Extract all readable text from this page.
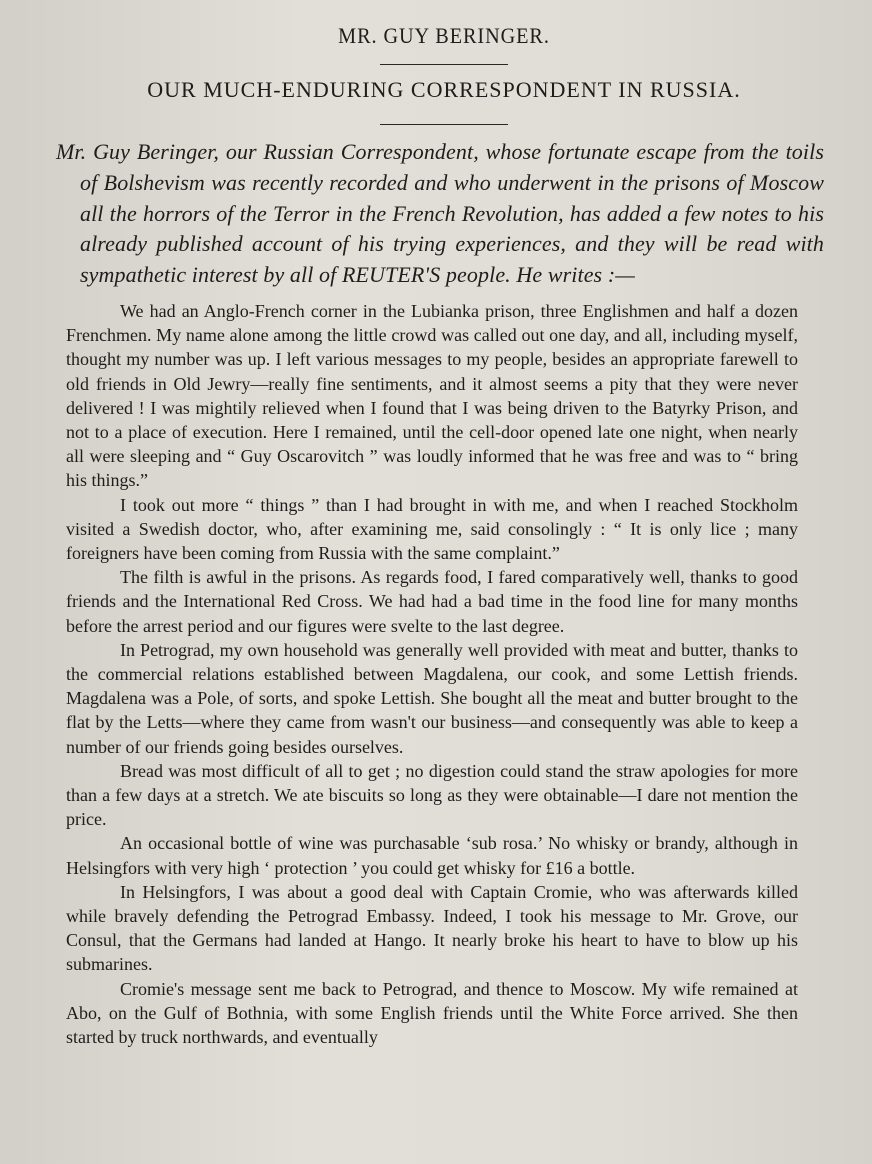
MR. GUY BERINGER.
OUR MUCH-ENDURING CORRESPONDENT IN RUSSIA.
Mr. Guy Beringer, our Russian Correspondent, whose fortunate escape from the toils of Bolshevism was recently recorded and who underwent in the prisons of Moscow all the horrors of the Terror in the French Revolution, has added a few notes to his already published account of his trying experiences, and they will be read with sympathetic interest by all of REUTER'S people. He writes :—

We had an Anglo-French corner in the Lubianka prison, three Englishmen and half a dozen Frenchmen. My name alone among the little crowd was called out one day, and all, including myself, thought my number was up. I left various messages to my people, besides an appropriate farewell to old friends in Old Jewry—really fine sentiments, and it almost seems a pity that they were never delivered ! I was mightily relieved when I found that I was being driven to the Batyrky Prison, and not to a place of execution. Here I remained, until the cell-door opened late one night, when nearly all were sleeping and “ Guy Oscarovitch ” was loudly informed that he was free and was to “ bring his things.”

I took out more “ things ” than I had brought in with me, and when I reached Stockholm visited a Swedish doctor, who, after examining me, said consolingly : “ It is only lice ; many foreigners have been coming from Russia with the same complaint.”

The filth is awful in the prisons. As regards food, I fared comparatively well, thanks to good friends and the International Red Cross. We had had a bad time in the food line for many months before the arrest period and our figures were svelte to the last degree.

In Petrograd, my own household was generally well provided with meat and butter, thanks to the commercial relations established between Magdalena, our cook, and some Lettish friends. Magdalena was a Pole, of sorts, and spoke Lettish. She bought all the meat and butter brought to the flat by the Letts—where they came from wasn't our business—and consequently was able to keep a number of our friends going besides ourselves.

Bread was most difficult of all to get ; no digestion could stand the straw apologies for more than a few days at a stretch. We ate biscuits so long as they were obtainable—I dare not mention the price.

An occasional bottle of wine was purchasable ‘sub rosa.’ No whisky or brandy, although in Helsingfors with very high ‘ protection ’ you could get whisky for £16 a bottle.

In Helsingfors, I was about a good deal with Captain Cromie, who was afterwards killed while bravely defending the Petrograd Embassy. Indeed, I took his message to Mr. Grove, our Consul, that the Germans had landed at Hango. It nearly broke his heart to have to blow up his submarines.

Cromie's message sent me back to Petrograd, and thence to Moscow. My wife remained at Abo, on the Gulf of Bothnia, with some English friends until the White Force arrived. She then started by truck northwards, and eventually
